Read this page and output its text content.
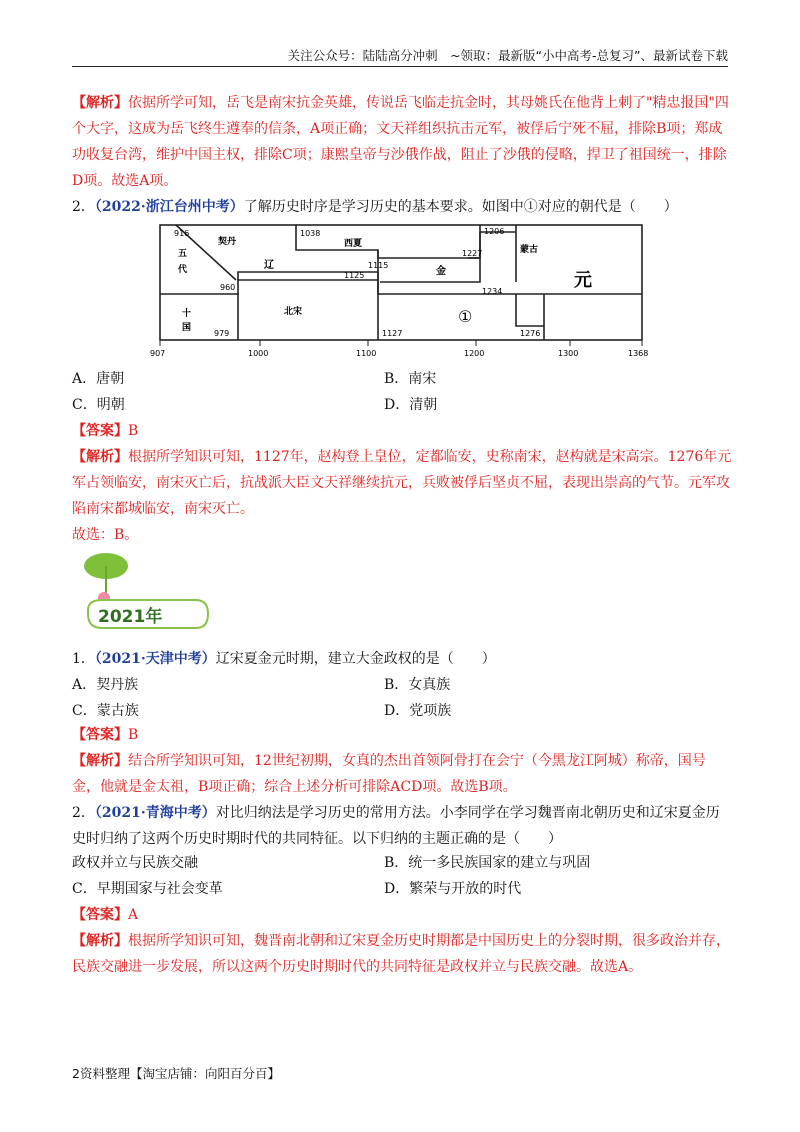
关注公众号：陆陆高分冲刺　~领取：最新版“小中高考-总复习”、最新试卷下载
【解析】依据所学可知，岳飞是南宋抗金英雄，传说岳飞临走抗金时，其母姚氏在他背上刺了"精忠报国"四个大字，这成为岳飞终生遵奉的信条，A项正确；文天祥组织抗击元军，被俘后宁死不屈，排除B项；郑成功收复台湾，维护中国主权，排除C项；康熙皇帝与沙俄作战，阻止了沙俄的侵略，捍卫了祖国统一，排除D项。故选A项。
2．（2022·浙江台州中考）了解历史时序是学习历史的基本要求。如图中①对应的朝代是（　　）
契丹
辽
西夏
金
蒙古
元
五
代
十
国
北宋	①
916	1038	1206
1227
1115
1125
960	1234
979	1127	1276
907	1000	1100	1200	1300	1368
A．唐朝	B．南宋
C．明朝	D．清朝
【答案】B
【解析】根据所学知识可知，1127年，赵构登上皇位，定都临安，史称南宋，赵构就是宋高宗。1276年元军占领临安，南宋灭亡后，抗战派大臣文天祥继续抗元，兵败被俘后坚贞不屈，表现出崇高的气节。元军攻陷南宋都城临安，南宋灭亡。
故选：B。
2021年
1．（2021·天津中考）辽宋夏金元时期，建立大金政权的是（　　）
A．契丹族	B．女真族
C．蒙古族	D．党项族
【答案】B
【解析】结合所学知识可知，12世纪初期，女真的杰出首领阿骨打在会宁（今黑龙江阿城）称帝，国号金，他就是金太祖，B项正确；综合上述分析可排除ACD项。故选B项。
2．（2021·青海中考）对比归纳法是学习历史的常用方法。小李同学在学习魏晋南北朝历史和辽宋夏金历史时归纳了这两个历史时期时代的共同特征。以下归纳的主题正确的是（　　）
政权并立与民族交融	B．统一多民族国家的建立与巩固
C．早期国家与社会变革	D．繁荣与开放的时代
【答案】A
【解析】根据所学知识可知，魏晋南北朝和辽宋夏金历史时期都是中国历史上的分裂时期，很多政治并存，民族交融进一步发展，所以这两个历史时期时代的共同特征是政权并立与民族交融。故选A。
2资料整理【淘宝店铺：向阳百分百】
